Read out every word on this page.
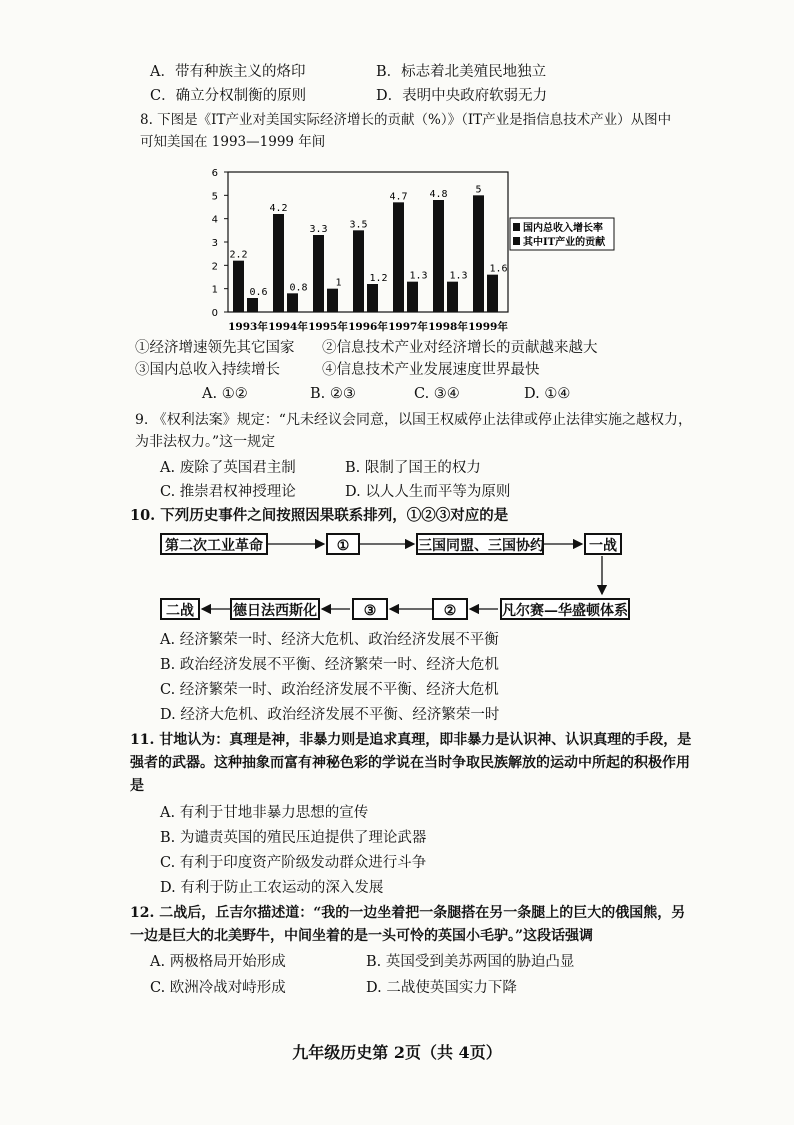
A．带有种族主义的烙印	B．标志着北美殖民地独立
C．确立分权制衡的原则	D．表明中央政府软弱无力
8. 下图是《IT产业对美国实际经济增长的贡献（%）》（IT产业是指信息技术产业）从图中
可知美国在 1993—1999 年间
0
1
2
3
4
5
6
2.2
0.6
1993年
4.2
0.8
1994年
3.3
1
1995年
3.5
1.2
1996年
4.7
1.3
1997年
4.8
1.3
1998年
5
1.6
1999年
国内总收入增长率
其中IT产业的贡献
①经济增速领先其它国家 ②信息技术产业对经济增长的贡献越来越大
③国内总收入持续增长	④信息技术产业发展速度世界最快
A. ①②	B. ②③	C. ③④	D. ①④
9. 《权利法案》规定：“凡未经议会同意，以国王权威停止法律或停止法律实施之越权力，
为非法权力。”这一规定
A. 废除了英国君主制	B. 限制了国王的权力
C. 推崇君权神授理论	D. 以人人生而平等为原则
10. 下列历史事件之间按照因果联系排列，①②③对应的是
第二次工业革命	①	三国同盟、三国协约	一战
凡尔赛—华盛顿体系
②
③
德日法西斯化
二战
A. 经济繁荣一时、经济大危机、政治经济发展不平衡
B. 政治经济发展不平衡、经济繁荣一时、经济大危机
C. 经济繁荣一时、政治经济发展不平衡、经济大危机
D. 经济大危机、政治经济发展不平衡、经济繁荣一时
11. 甘地认为：真理是神，非暴力则是追求真理，即非暴力是认识神、认识真理的手段，是
强者的武器。这种抽象而富有神秘色彩的学说在当时争取民族解放的运动中所起的积极作用
是
A. 有利于甘地非暴力思想的宣传
B. 为谴责英国的殖民压迫提供了理论武器
C. 有利于印度资产阶级发动群众进行斗争
D. 有利于防止工农运动的深入发展
12. 二战后，丘吉尔描述道：“我的一边坐着把一条腿搭在另一条腿上的巨大的俄国熊，另
一边是巨大的北美野牛，中间坐着的是一头可怜的英国小毛驴。”这段话强调
A. 两极格局开始形成	B. 英国受到美苏两国的胁迫凸显
C. 欧洲冷战对峙形成	D. 二战使英国实力下降
九年级历史第 2页（共 4页）
